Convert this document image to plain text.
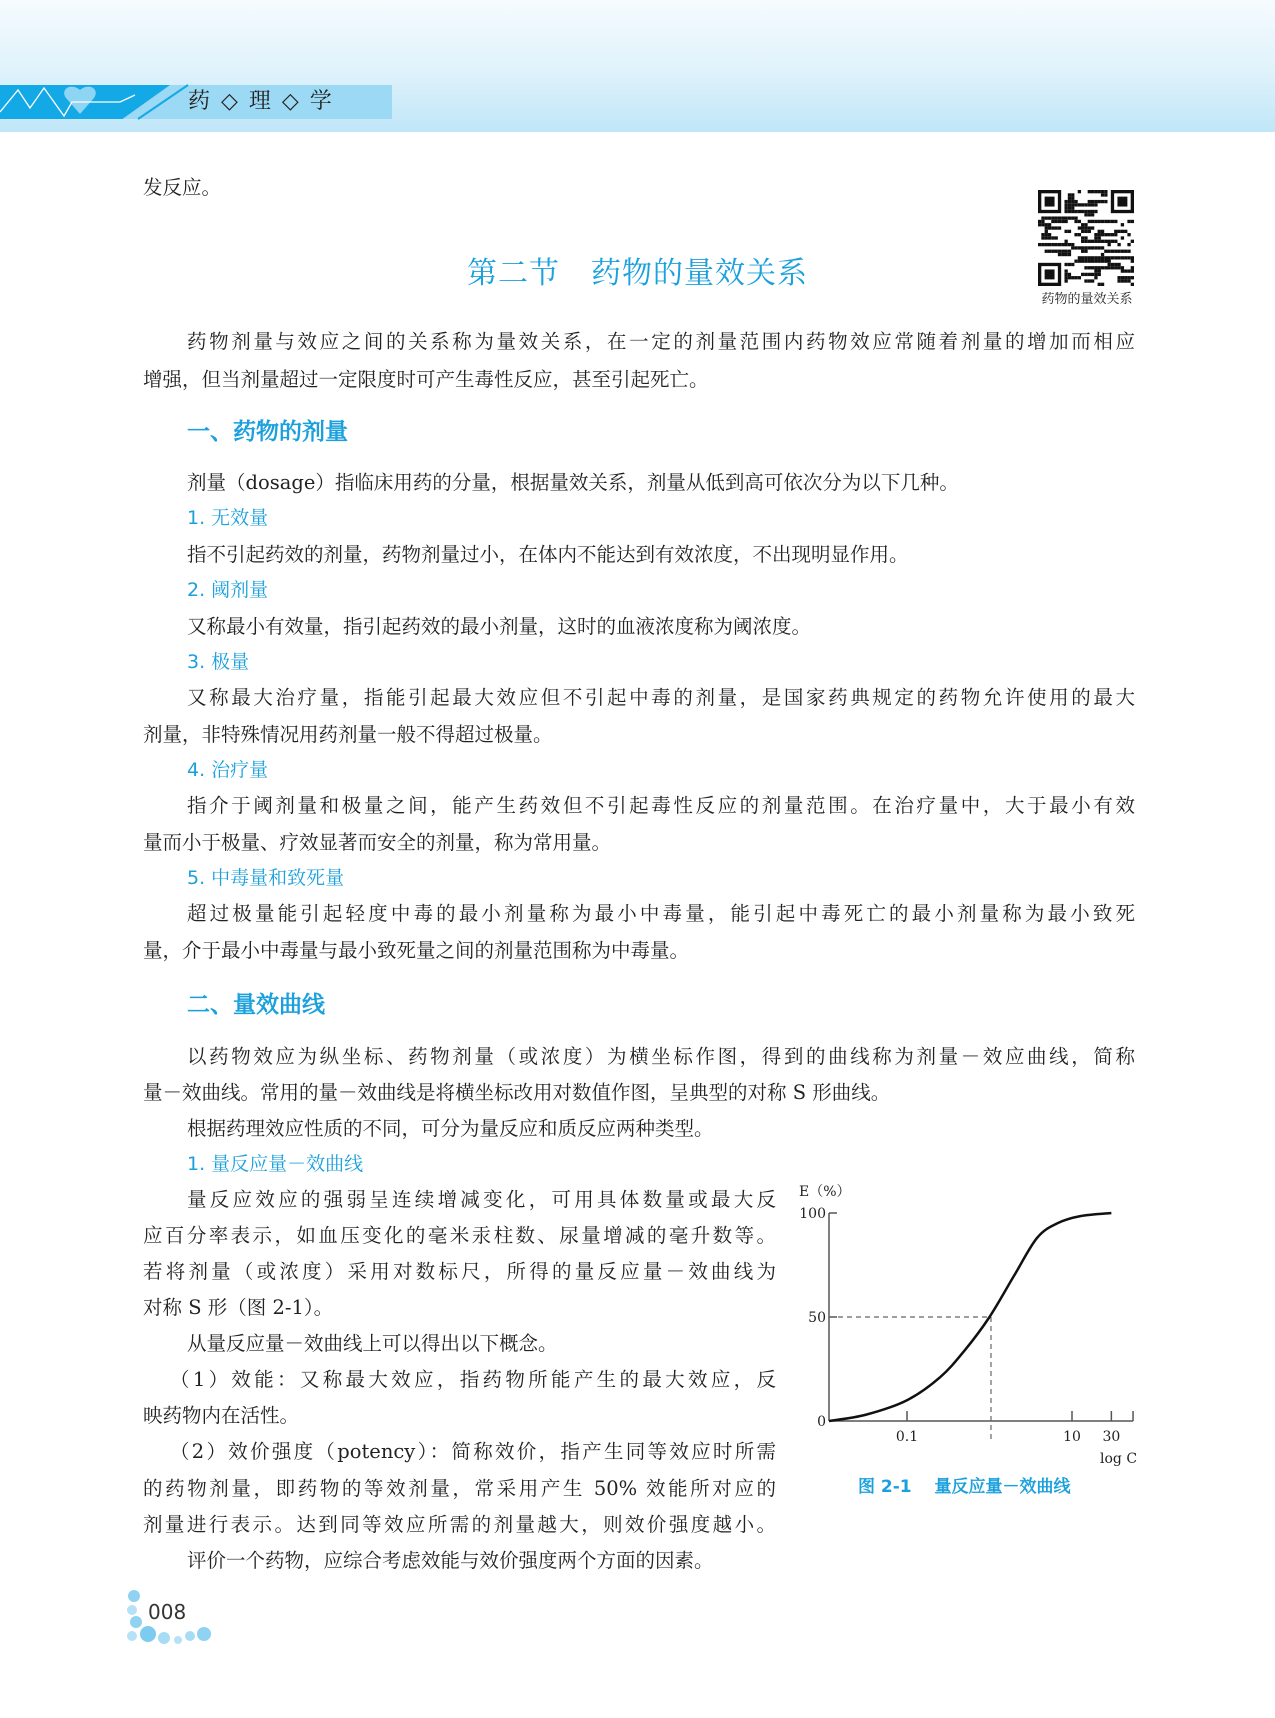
药 ◇ 理 ◇ 学
发反应。
第二节　药物的量效关系
药物的量效关系
药物剂量与效应之间的关系称为量效关系，在一定的剂量范围内药物效应常随着剂量的增加而相应
增强，但当剂量超过一定限度时可产生毒性反应，甚至引起死亡。
一、药物的剂量
剂量（dosage）指临床用药的分量，根据量效关系，剂量从低到高可依次分为以下几种。
1. 无效量
指不引起药效的剂量，药物剂量过小，在体内不能达到有效浓度，不出现明显作用。
2. 阈剂量
又称最小有效量，指引起药效的最小剂量，这时的血液浓度称为阈浓度。
3. 极量
又称最大治疗量，指能引起最大效应但不引起中毒的剂量，是国家药典规定的药物允许使用的最大
剂量，非特殊情况用药剂量一般不得超过极量。
4. 治疗量
指介于阈剂量和极量之间，能产生药效但不引起毒性反应的剂量范围。在治疗量中，大于最小有效
量而小于极量、疗效显著而安全的剂量，称为常用量。
5. 中毒量和致死量
超过极量能引起轻度中毒的最小剂量称为最小中毒量，能引起中毒死亡的最小剂量称为最小致死
量，介于最小中毒量与最小致死量之间的剂量范围称为中毒量。
二、量效曲线
以药物效应为纵坐标、药物剂量（或浓度）为横坐标作图，得到的曲线称为剂量－效应曲线，简称
量－效曲线。常用的量－效曲线是将横坐标改用对数值作图，呈典型的对称 S 形曲线。
根据药理效应性质的不同，可分为量反应和质反应两种类型。
1. 量反应量－效曲线
量反应效应的强弱呈连续增减变化，可用具体数量或最大反
应百分率表示，如血压变化的毫米汞柱数、尿量增减的毫升数等。
若将剂量（或浓度）采用对数标尺，所得的量反应量－效曲线为
对称 S 形（图 2-1）。
从量反应量－效曲线上可以得出以下概念。
（1）效能：又称最大效应，指药物所能产生的最大效应，反
映药物内在活性。
（2）效价强度（potency）：简称效价，指产生同等效应时所需
的药物剂量，即药物的等效剂量，常采用产生 50% 效能所对应的
剂量进行表示。达到同等效应所需的剂量越大，则效价强度越小。
评价一个药物，应综合考虑效能与效价强度两个方面的因素。
0
50
100
0.1	10 30
E（%）
log C
图 2-1　 量反应量－效曲线
008
